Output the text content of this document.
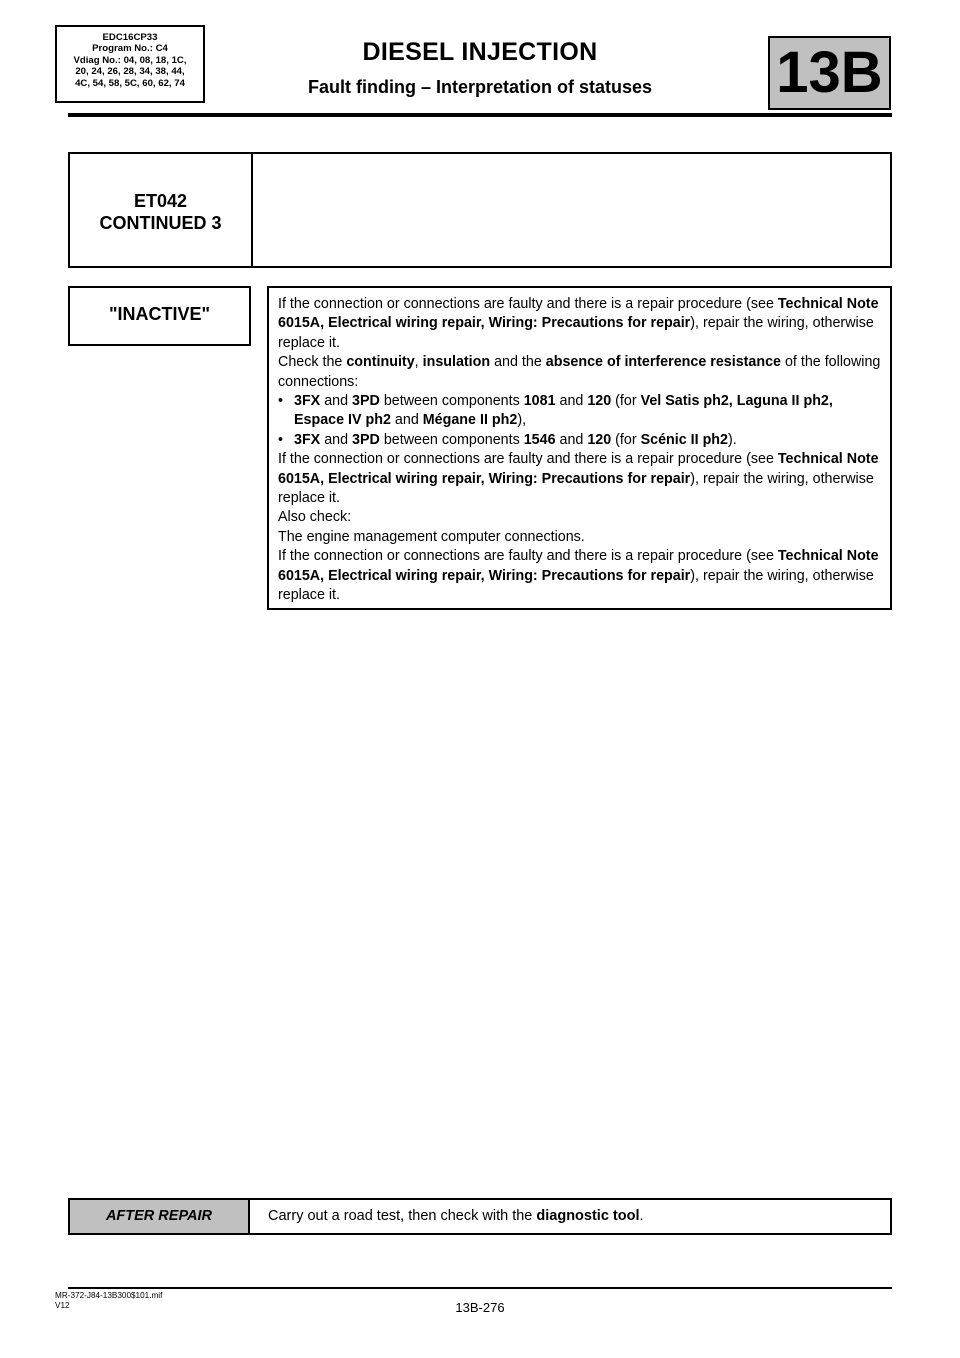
EDC16CP33
Program No.: C4
Vdiag No.: 04, 08, 18, 1C,
20, 24, 26, 28, 34, 38, 44,
4C, 54, 58, 5C, 60, 62, 74
DIESEL INJECTION
Fault finding – Interpretation of statuses	13B
ET042
CONTINUED 3
"INACTIVE"	If the connection or connections are faulty and there is a repair procedure (see Technical Note 6015A, Electrical wiring repair, Wiring: Precautions for repair), repair the wiring, otherwise replace it.

Check the continuity, insulation and the absence of interference resistance of the following connections:

• 3FX and 3PD between components 1081 and 120 (for Vel Satis ph2, Laguna II ph2, Espace IV ph2 and Mégane II ph2),
• 3FX and 3PD between components 1546 and 120 (for Scénic II ph2).

If the connection or connections are faulty and there is a repair procedure (see Technical Note 6015A, Electrical wiring repair, Wiring: Precautions for repair), repair the wiring, otherwise replace it.

Also check:

The engine management computer connections.

If the connection or connections are faulty and there is a repair procedure (see Technical Note 6015A, Electrical wiring repair, Wiring: Precautions for repair), repair the wiring, otherwise replace it.

AFTER REPAIR	Carry out a road test, then check with the diagnostic tool.
MR-372-J84-13B300$101.mif
V12	13B-276
